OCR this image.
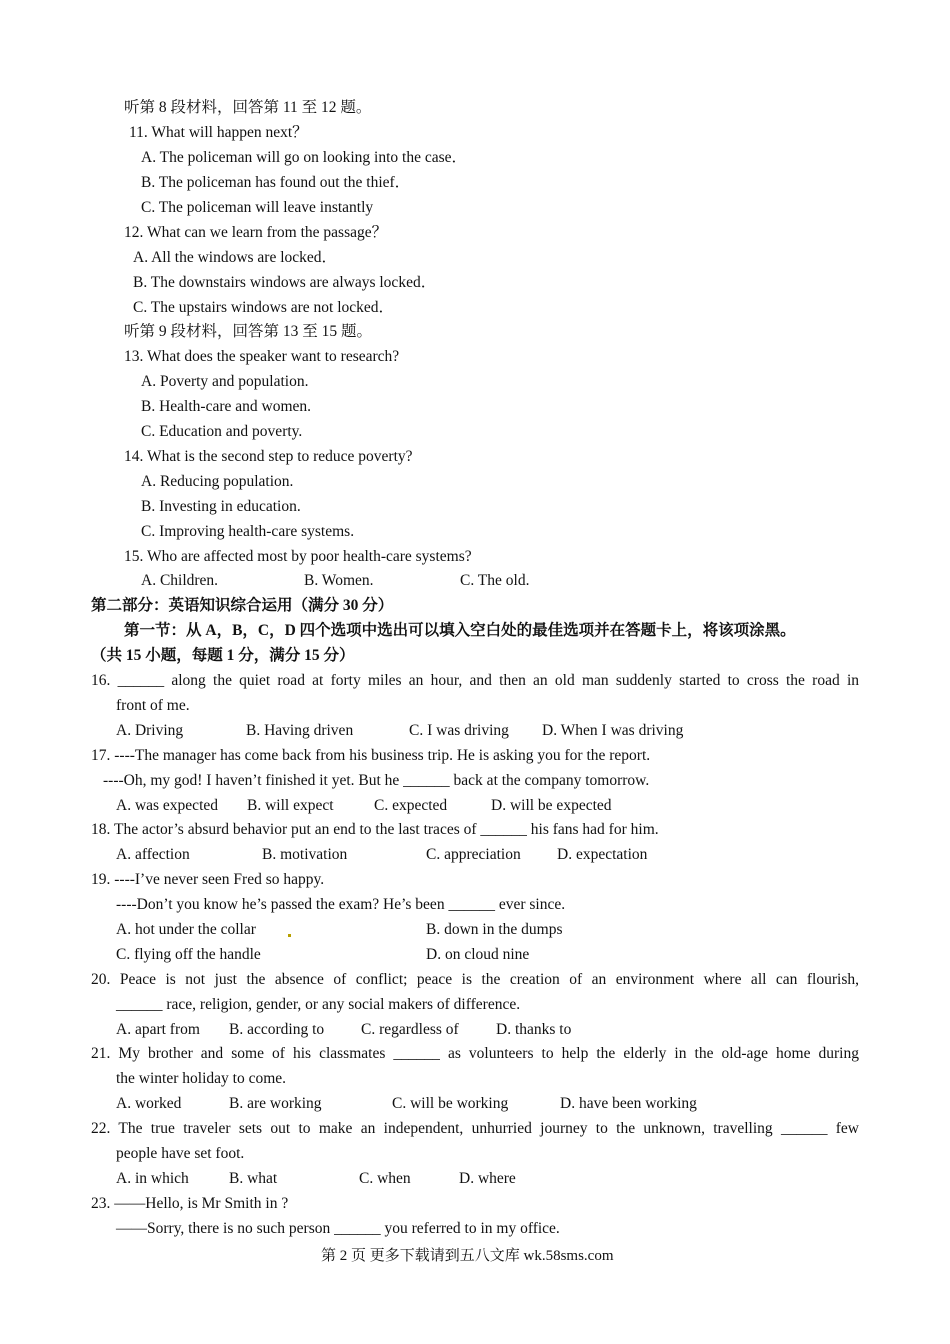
听第 8 段材料，回答第 11 至 12 题。
11. What will happen next？
A. The policeman will go on looking into the case．
B. The policeman has found out the thief．
C. The policeman will leave instantly
12. What can we learn from the passage？
A. All the windows are locked．
B. The downstairs windows are always locked．
C. The upstairs windows are not locked．
听第 9 段材料，回答第 13 至 15 题。
13. What does the speaker want to research?
A. Poverty and population.
B. Health-care and women.
C. Education and poverty.
14. What is the second step to reduce poverty?
A. Reducing population.
B. Investing in education.
C. Improving health-care systems.
15. Who are affected most by poor health-care systems?
A. Children.	B. Women.	C. The old.
第二部分：英语知识综合运用（满分 30 分）
第一节：从 A，B，C，D 四个选项中选出可以填入空白处的最佳选项并在答题卡上，将该项涂黑。
（共 15 小题，每题 1 分，满分 15 分）
16. ______ along the quiet road at forty miles an hour, and then an old man suddenly started to cross the road in
front of me.
A. Driving	B. Having driven	C. I was driving D. When I was driving
17. ----The manager has come back from his business trip. He is asking you for the report.
----Oh, my god! I haven’t finished it yet. But he ______ back at the company tomorrow.
A. was expected B. will expect	C. expected	D. will be expected
18. The actor’s absurd behavior put an end to the last traces of ______ his fans had for him.
A. affection	B. motivation	C. appreciation D. expectation
19. ----I’ve never seen Fred so happy.
----Don’t you know he’s passed the exam? He’s been ______ ever since.
A. hot under the collar	B. down in the dumps
C. flying off the handle	D. on cloud nine
20. Peace is not just the absence of conflict; peace is the creation of an environment where all can flourish,
______ race, religion, gender, or any social makers of difference.
A. apart from B. according to C. regardless of D. thanks to
21. My brother and some of his classmates ______ as volunteers to help the elderly in the old-age home during
the winter holiday to come.
A. worked	B. are working	C. will be working	D. have been working
22. The true traveler sets out to make an independent, unhurried journey to the unknown, travelling ______ few
people have set foot.
A. in which	B. what	C. when	D. where
23. ——Hello, is Mr Smith in ?
——Sorry, there is no such person ______ you referred to in my office.
第 2 页 更多下载请到五八文库 wk.58sms.com
